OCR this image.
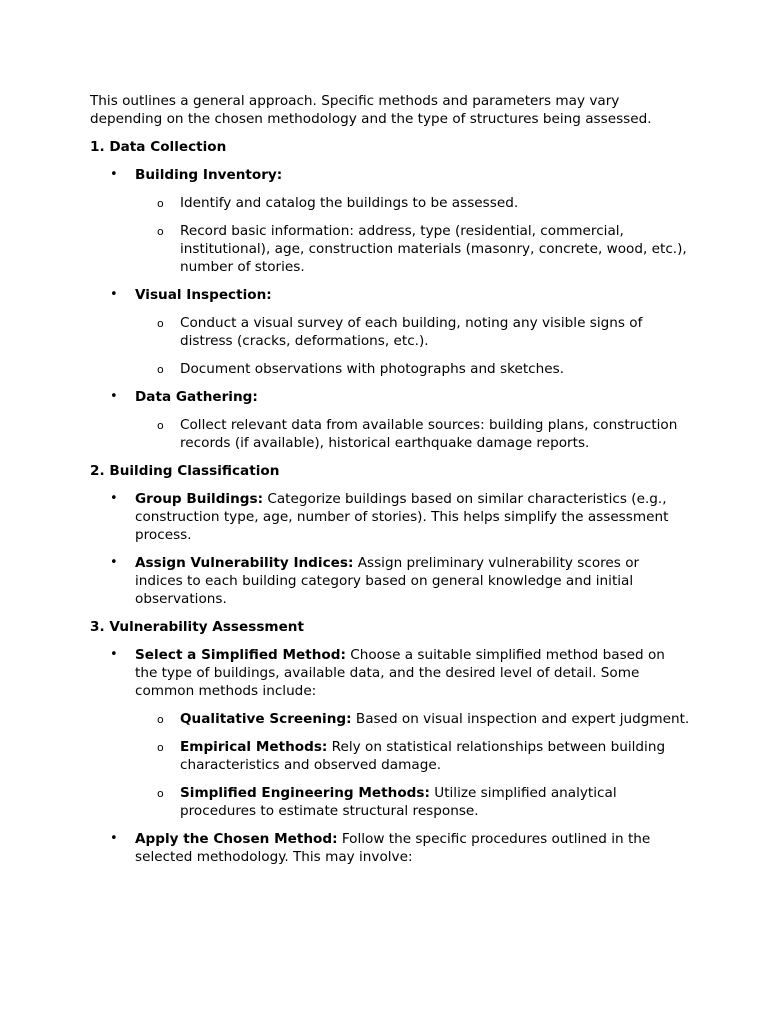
This outlines a general approach. Specific methods and parameters may vary depending on the chosen methodology and the type of structures being assessed.

1. Data Collection

• Building Inventory:

o Identify and catalog the buildings to be assessed.

o Record basic information: address, type (residential, commercial, institutional), age, construction materials (masonry, concrete, wood, etc.), number of stories.

• Visual Inspection:

o Conduct a visual survey of each building, noting any visible signs of distress (cracks, deformations, etc.).

o Document observations with photographs and sketches.

• Data Gathering:

o Collect relevant data from available sources: building plans, construction records (if available), historical earthquake damage reports.

2. Building Classification

• Group Buildings: Categorize buildings based on similar characteristics (e.g., construction type, age, number of stories). This helps simplify the assessment process.

• Assign Vulnerability Indices: Assign preliminary vulnerability scores or indices to each building category based on general knowledge and initial observations.

3. Vulnerability Assessment

• Select a Simplified Method: Choose a suitable simplified method based on the type of buildings, available data, and the desired level of detail. Some common methods include:

o Qualitative Screening: Based on visual inspection and expert judgment.

o Empirical Methods: Rely on statistical relationships between building characteristics and observed damage.

o Simplified Engineering Methods: Utilize simplified analytical procedures to estimate structural response.

• Apply the Chosen Method: Follow the specific procedures outlined in the selected methodology. This may involve:
